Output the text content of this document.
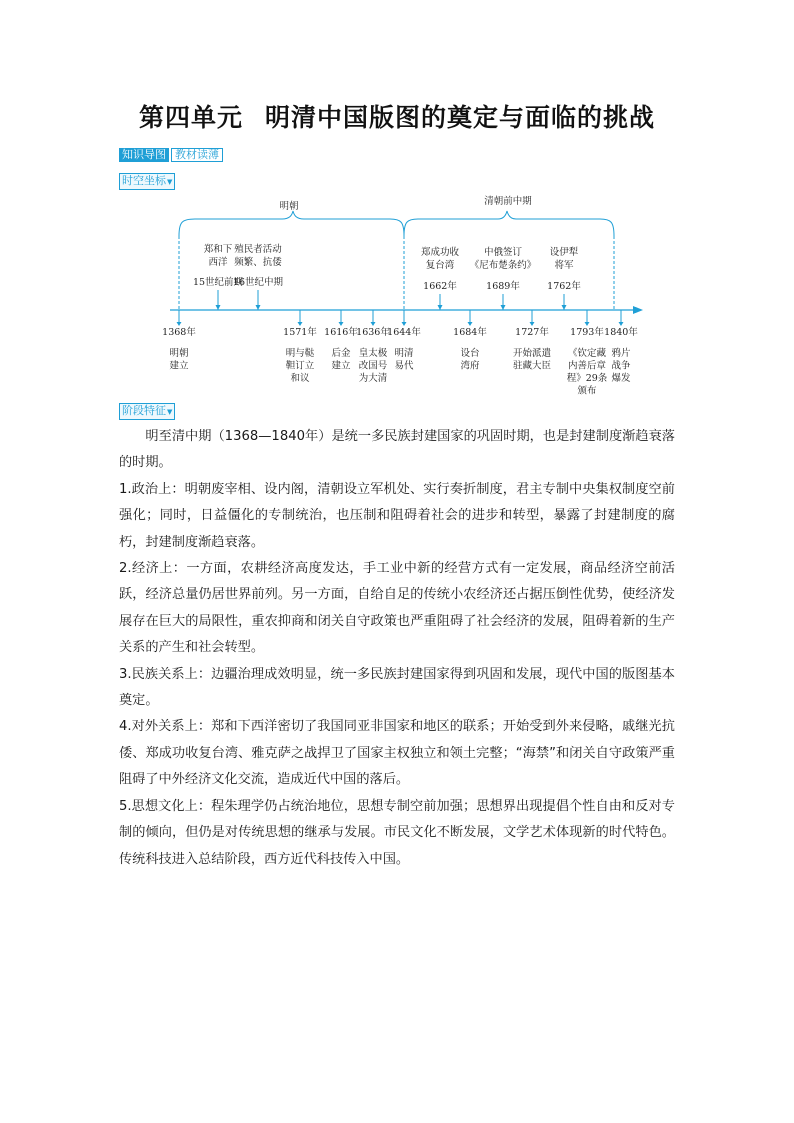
第四单元 明清中国版图的奠定与面临的挑战
知识导图 教材读薄
时空坐标▼
明朝	清朝前中期
郑和下
西洋
15世纪前期
殖民者活动
频繁、抗倭
16世纪中期
郑成功收
复台湾
1662年
中俄签订
《尼布楚条约》
1689年
设伊犁
将军
1762年
1368年
明朝
建立
1571年
明与鞑
靼订立
和议
1616年
后金
建立
1636年
皇太极
改国号
为大清
1644年
明清
易代
1684年
设台
湾府
1727年
开始派遣
驻藏大臣
1793年
《钦定藏
内善后章
程》29条
颁布
1840年
鸦片
战争
爆发
阶段特征▼

明至清中期（1368—1840年）是统一多民族封建国家的巩固时期，也是封建制度渐趋衰落的时期。

1.政治上：明朝废宰相、设内阁，清朝设立军机处、实行奏折制度，君主专制中央集权制度空前强化；同时，日益僵化的专制统治，也压制和阻碍着社会的进步和转型，暴露了封建制度的腐朽，封建制度渐趋衰落。

2.经济上：一方面，农耕经济高度发达，手工业中新的经营方式有一定发展，商品经济空前活跃，经济总量仍居世界前列。另一方面，自给自足的传统小农经济还占据压倒性优势，使经济发展存在巨大的局限性，重农抑商和闭关自守政策也严重阻碍了社会经济的发展，阻碍着新的生产关系的产生和社会转型。

3.民族关系上：边疆治理成效明显，统一多民族封建国家得到巩固和发展，现代中国的版图基本奠定。

4.对外关系上：郑和下西洋密切了我国同亚非国家和地区的联系；开始受到外来侵略，戚继光抗倭、郑成功收复台湾、雅克萨之战捍卫了国家主权独立和领土完整；“海禁”和闭关自守政策严重阻碍了中外经济文化交流，造成近代中国的落后。

5.思想文化上：程朱理学仍占统治地位，思想专制空前加强；思想界出现提倡个性自由和反对专制的倾向，但仍是对传统思想的继承与发展。市民文化不断发展，文学艺术体现新的时代特色。传统科技进入总结阶段，西方近代科技传入中国。
